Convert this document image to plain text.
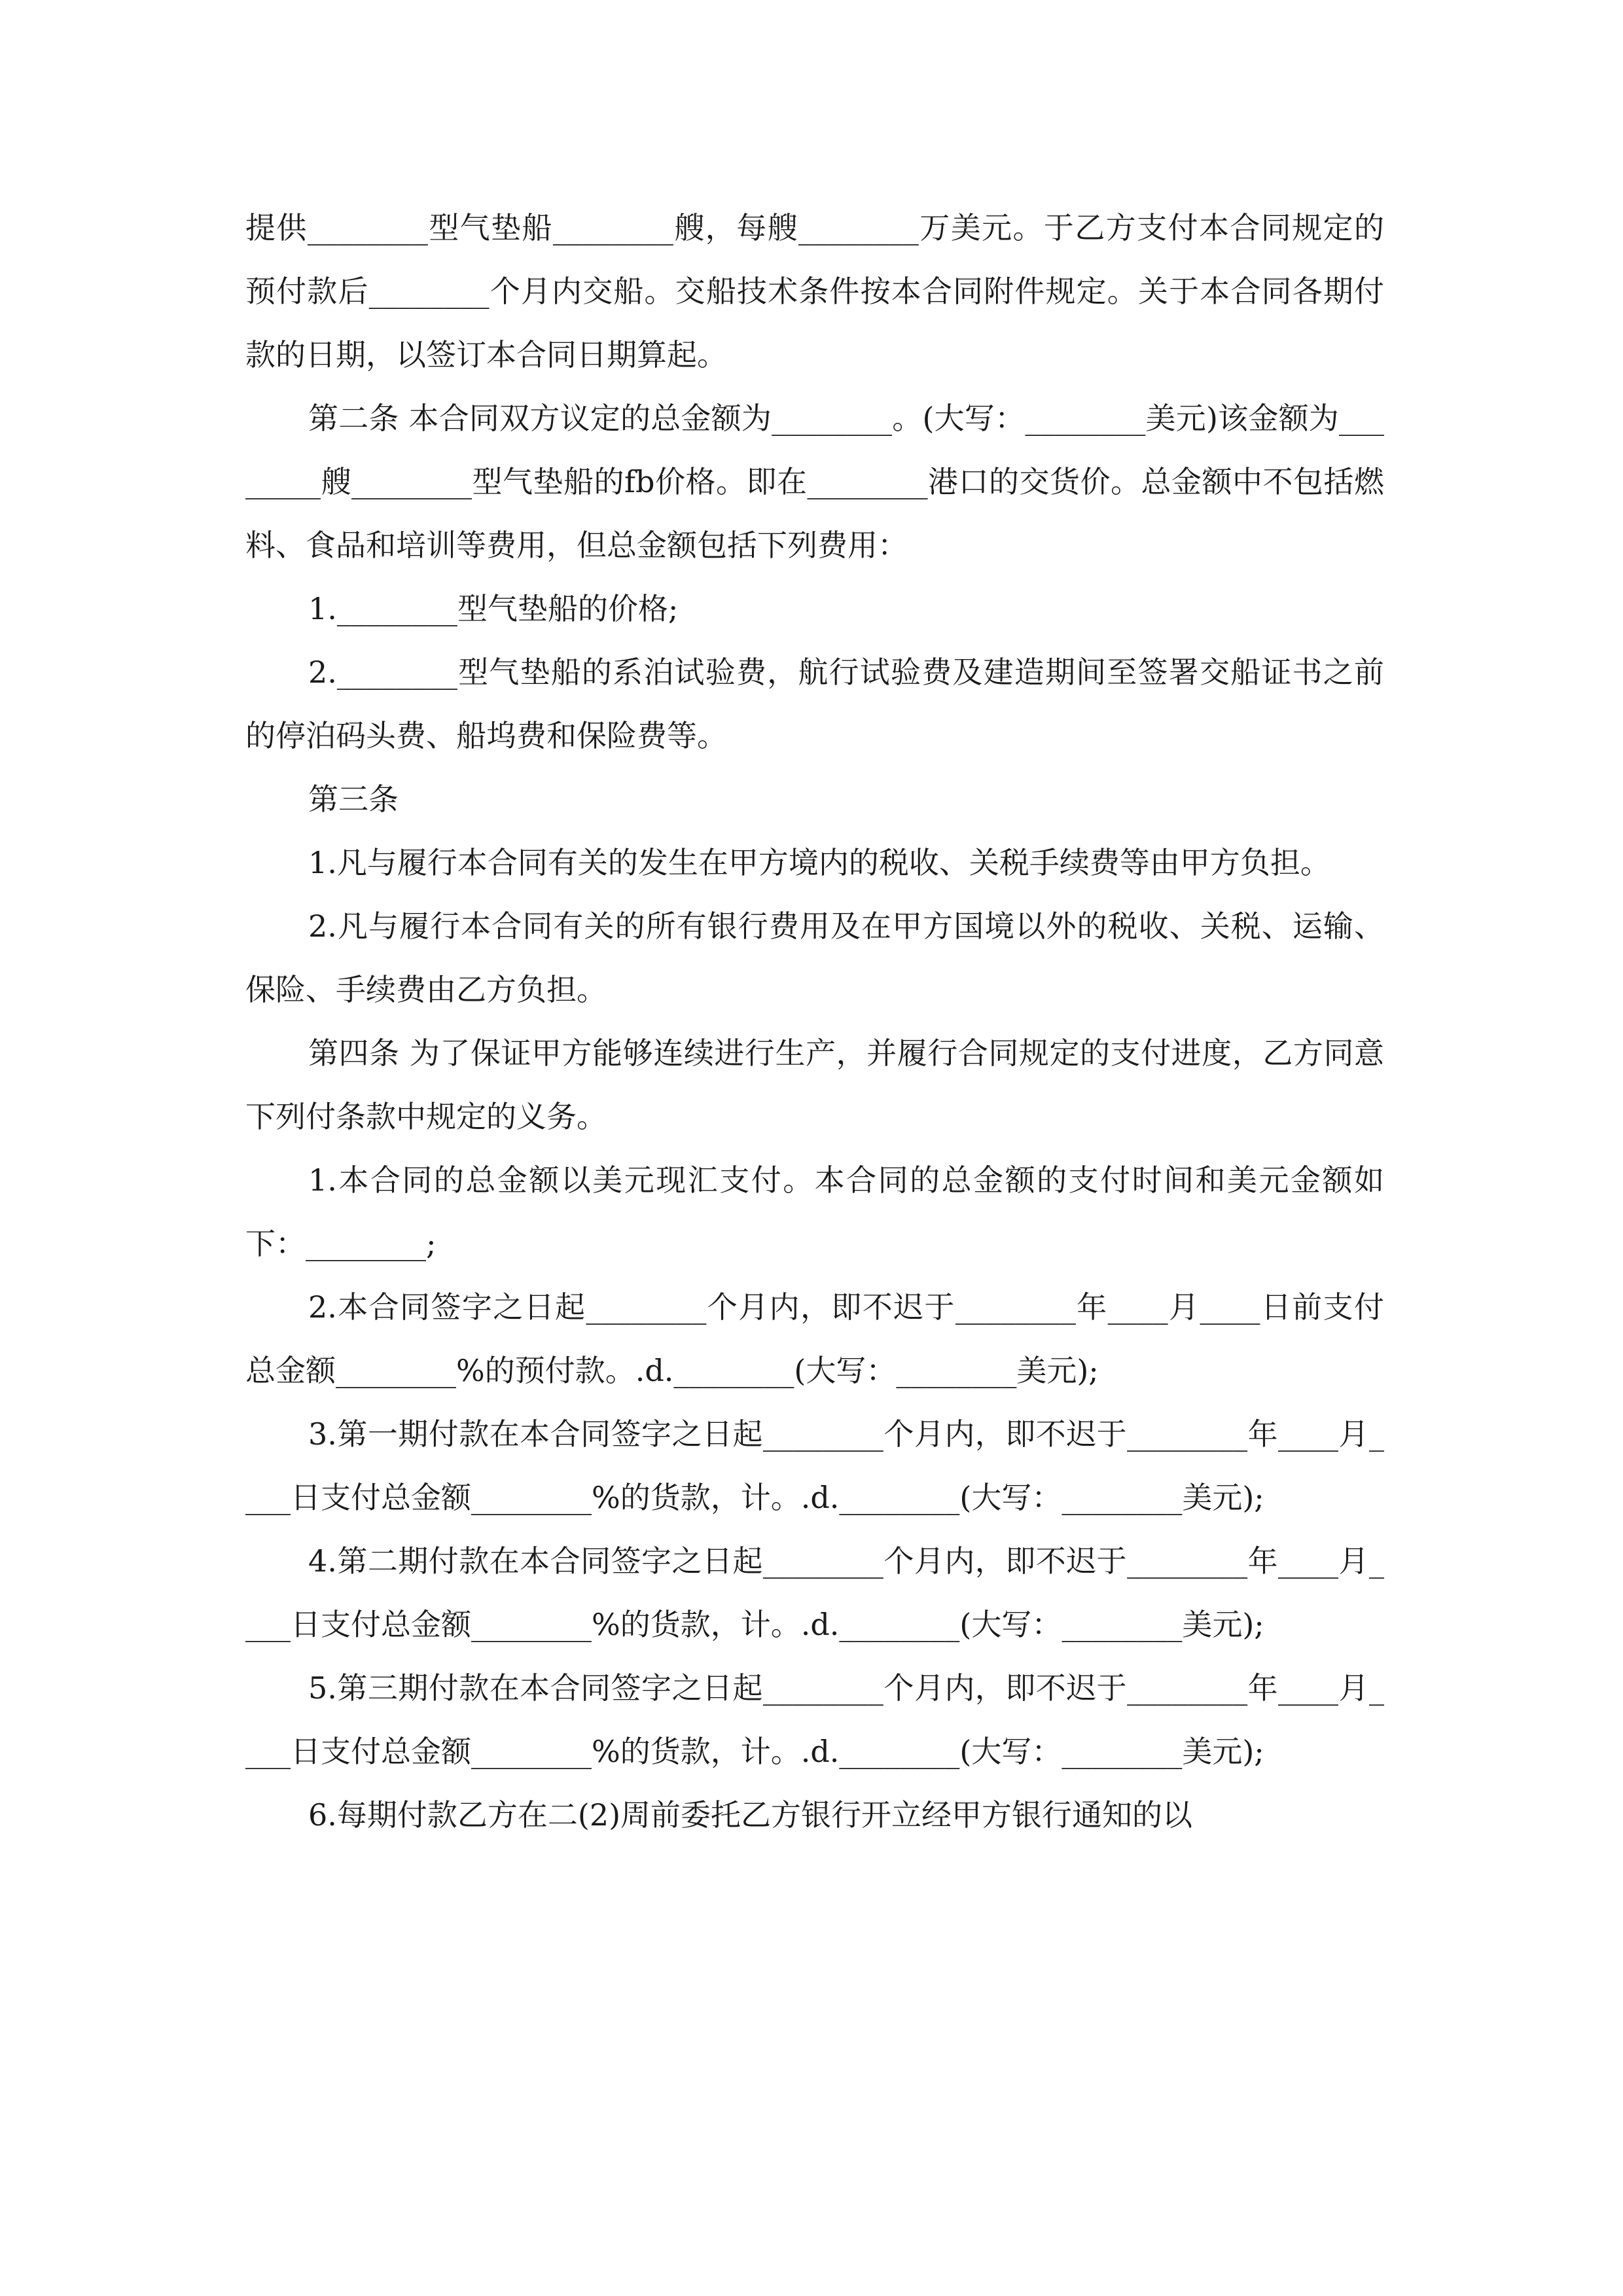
提供________型气垫船________艘，每艘________万美元。于乙方支付本合同规定的预付款后________个月内交船。交船技术条件按本合同附件规定。关于本合同各期付款的日期，以签订本合同日期算起。

第二条 本合同双方议定的总金额为________。(大写：________美元)该金额为________艘________型气垫船的fb价格。即在________港口的交货价。总金额中不包括燃料、食品和培训等费用，但总金额包括下列费用：

1.________型气垫船的价格;

2.________型气垫船的系泊试验费，航行试验费及建造期间至签署交船证书之前的停泊码头费、船坞费和保险费等。

第三条

1.凡与履行本合同有关的发生在甲方境内的税收、关税手续费等由甲方负担。

2.凡与履行本合同有关的所有银行费用及在甲方国境以外的税收、关税、运输、保险、手续费由乙方负担。

第四条 为了保证甲方能够连续进行生产，并履行合同规定的支付进度，乙方同意下列付条款中规定的义务。

1.本合同的总金额以美元现汇支付。本合同的总金额的支付时间和美元金额如下：________;

2.本合同签字之日起________个月内，即不迟于________年____月____日前支付总金额________%的预付款。.d.________(大写：________美元);

3.第一期付款在本合同签字之日起________个月内，即不迟于________年____月____日支付总金额________%的货款，计。.d.________(大写：________美元);

4.第二期付款在本合同签字之日起________个月内，即不迟于________年____月____日支付总金额________%的货款，计。.d.________(大写：________美元);

5.第三期付款在本合同签字之日起________个月内，即不迟于________年____月____日支付总金额________%的货款，计。.d.________(大写：________美元);

6.每期付款乙方在二(2)周前委托乙方银行开立经甲方银行通知的以
